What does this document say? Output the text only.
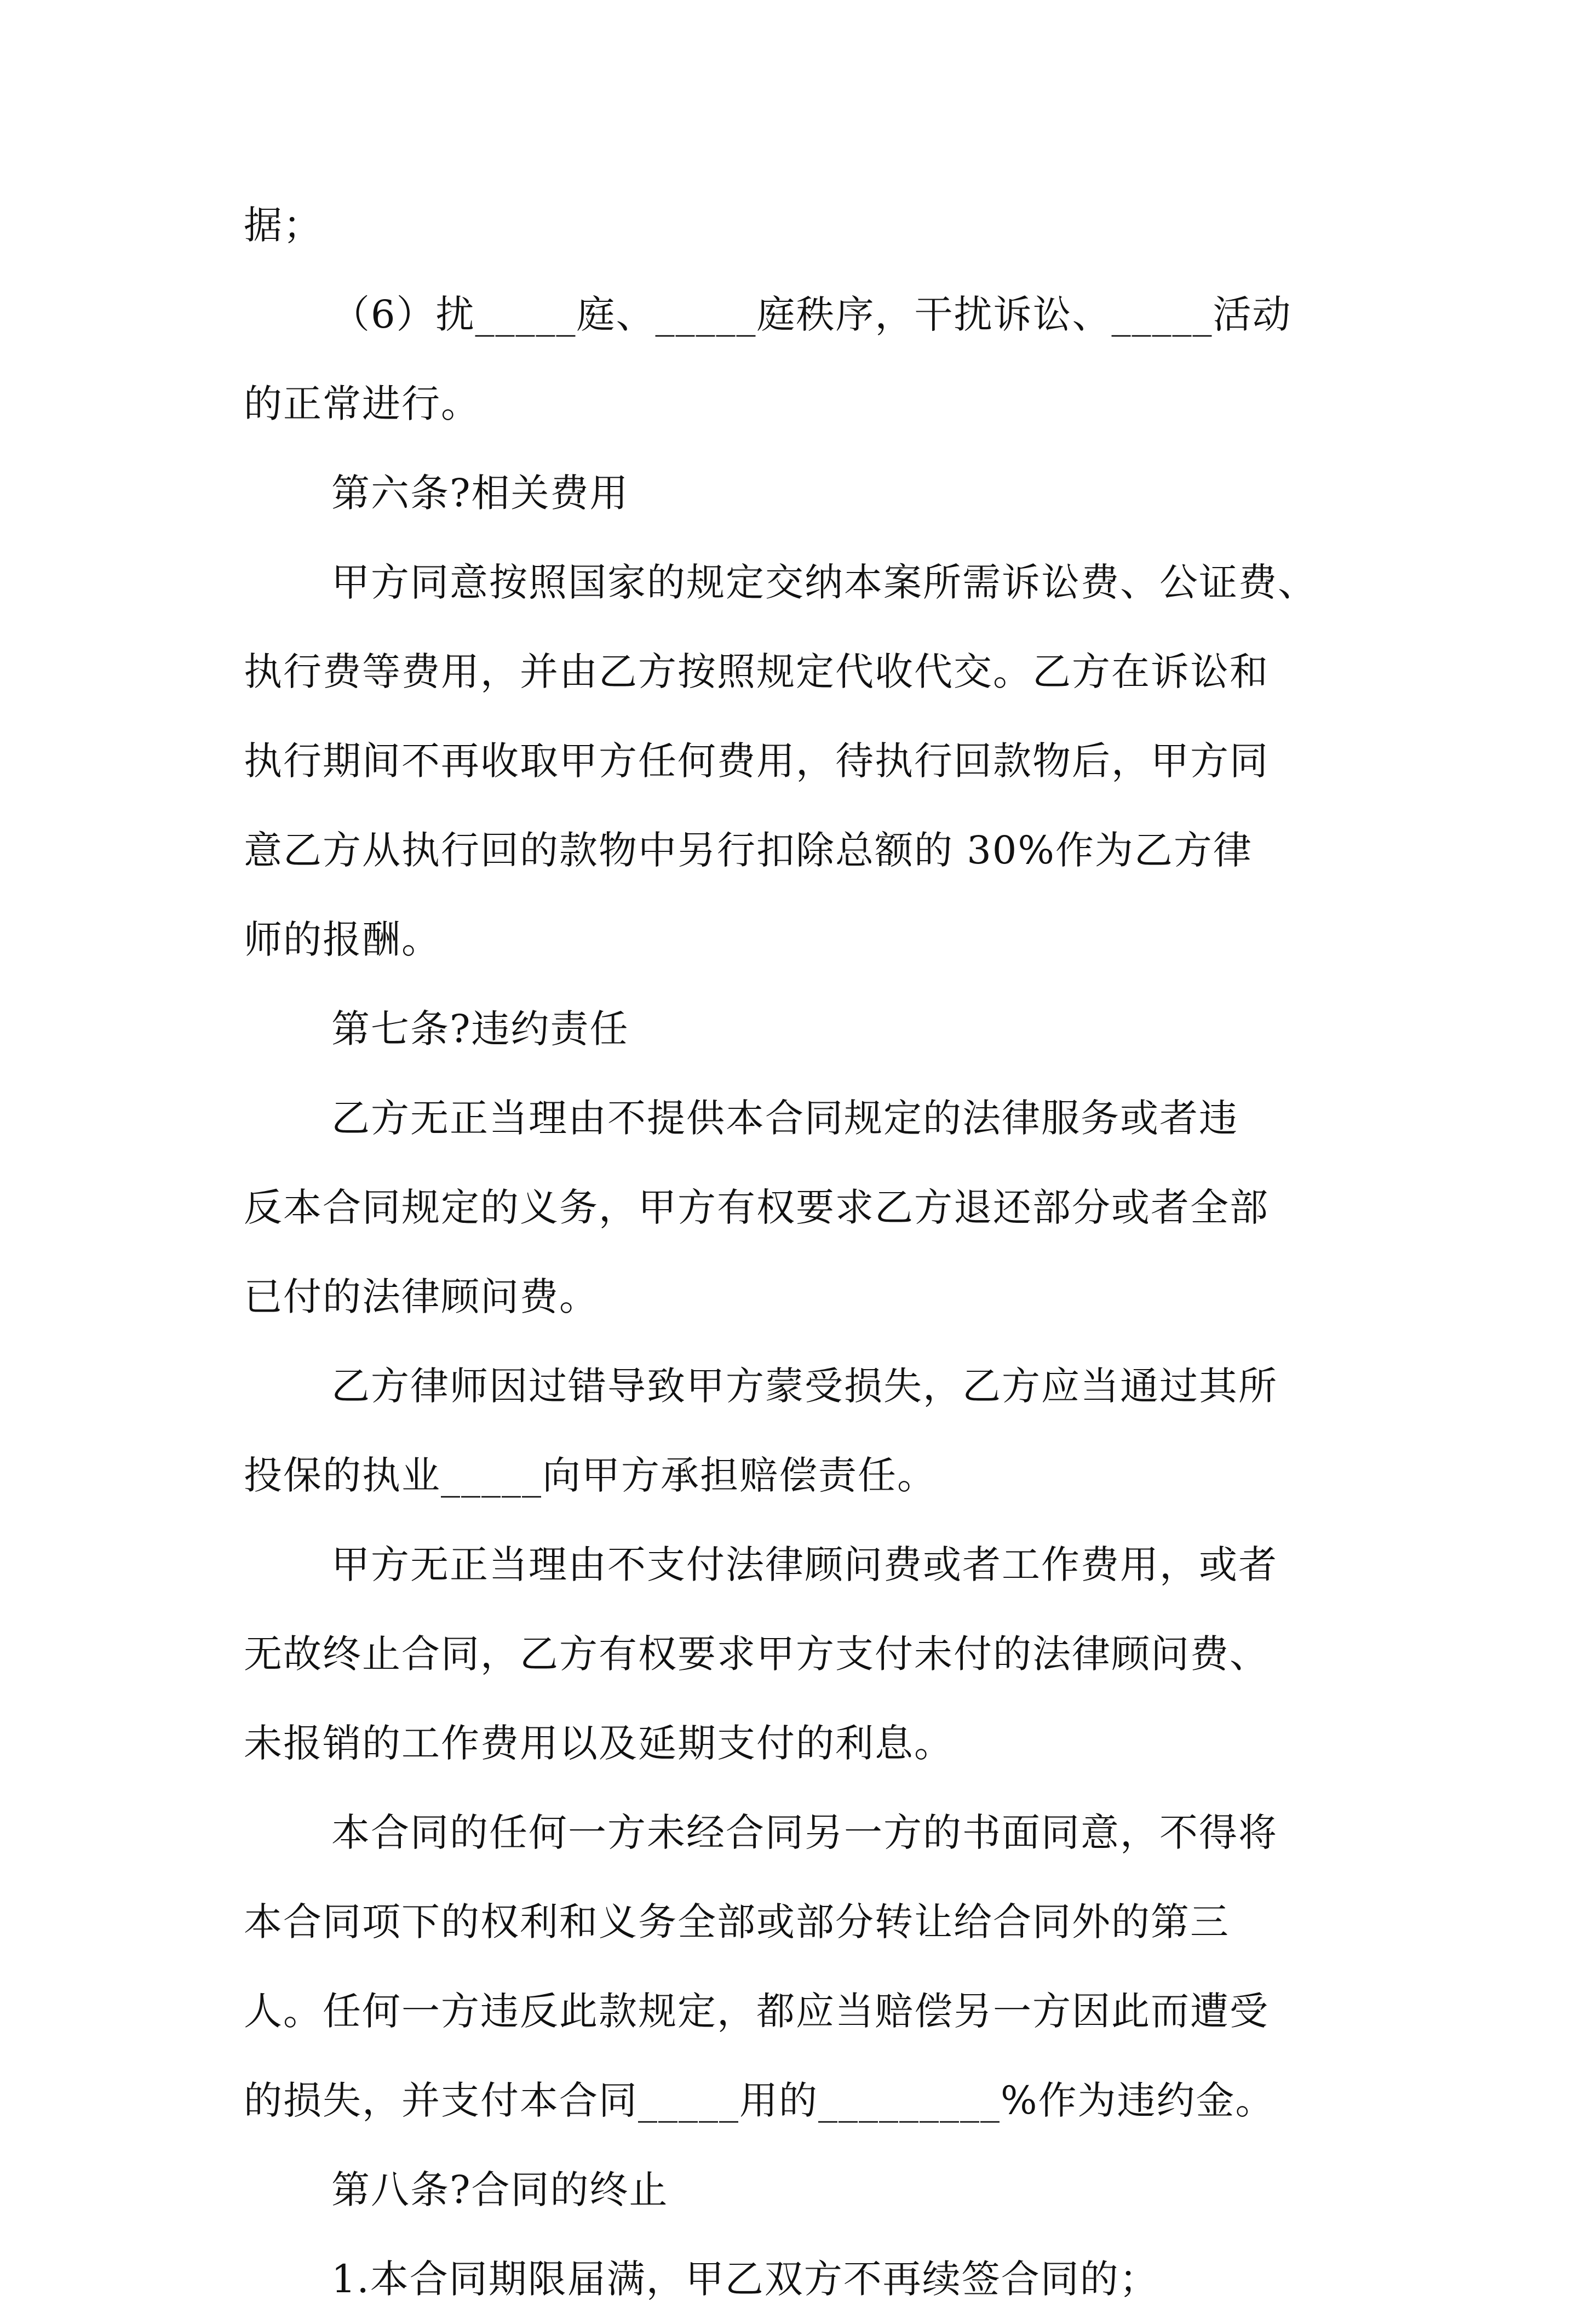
据；
（6）扰_____庭、_____庭秩序，干扰诉讼、_____活动
的正常进行。
第六条?相关费用
甲方同意按照国家的规定交纳本案所需诉讼费、公证费、
执行费等费用，并由乙方按照规定代收代交。乙方在诉讼和
执行期间不再收取甲方任何费用，待执行回款物后，甲方同
意乙方从执行回的款物中另行扣除总额的 30%作为乙方律
师的报酬。
第七条?违约责任
乙方无正当理由不提供本合同规定的法律服务或者违
反本合同规定的义务，甲方有权要求乙方退还部分或者全部
已付的法律顾问费。
乙方律师因过错导致甲方蒙受损失，乙方应当通过其所
投保的执业_____向甲方承担赔偿责任。
甲方无正当理由不支付法律顾问费或者工作费用，或者
无故终止合同，乙方有权要求甲方支付未付的法律顾问费、
未报销的工作费用以及延期支付的利息。
本合同的任何一方未经合同另一方的书面同意，不得将
本合同项下的权利和义务全部或部分转让给合同外的第三
人。任何一方违反此款规定，都应当赔偿另一方因此而遭受
的损失，并支付本合同_____用的_________%作为违约金。
第八条?合同的终止
1.本合同期限届满，甲乙双方不再续签合同的；
